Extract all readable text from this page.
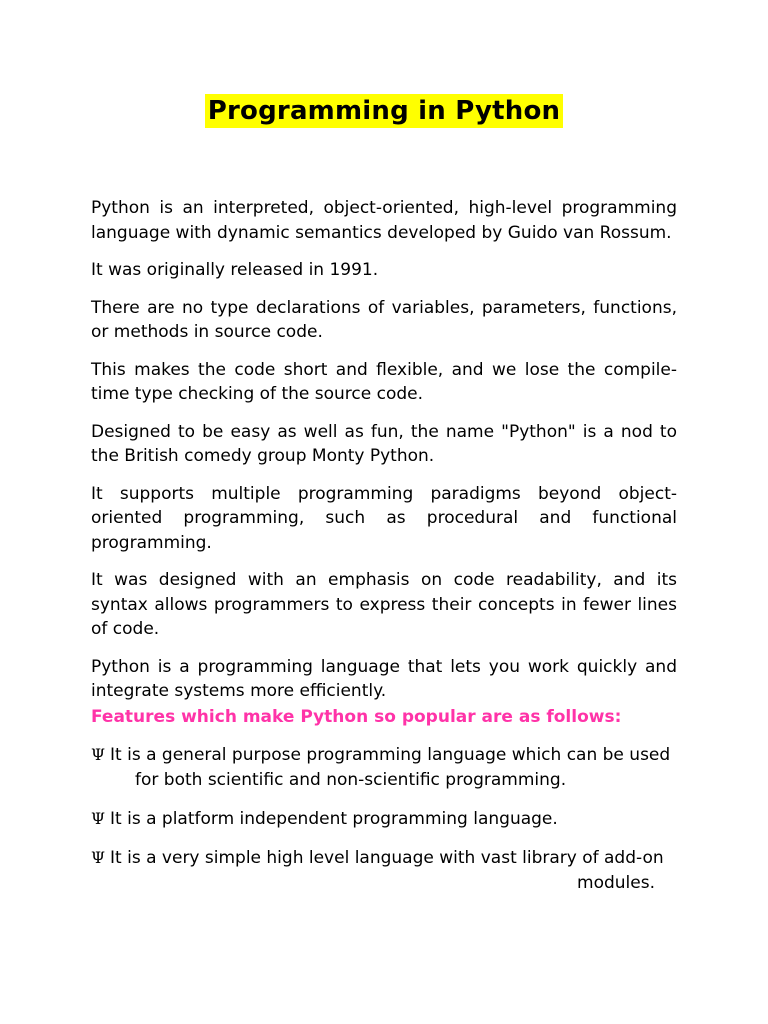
Programming in Python

Python is an interpreted, object-oriented, high-level programming language with dynamic semantics developed by Guido van Rossum.

It was originally released in 1991.

There are no type declarations of variables, parameters, functions, or methods in source code.

This makes the code short and flexible, and we lose the compile-time type checking of the source code.

Designed to be easy as well as fun, the name "Python" is a nod to the British comedy group Monty Python.

It supports multiple programming paradigms beyond object-oriented programming, such as procedural and functional programming.

It was designed with an emphasis on code readability, and its syntax allows programmers to express their concepts in fewer lines of code.

Python is a programming language that lets you work quickly and integrate systems more efficiently.

Features which make Python so popular are as follows:

Ψ It is a general purpose programming language which can be used
for both scientific and non-scientific programming.
Ψ It is a platform independent programming language.
Ψ It is a very simple high level language with vast library of add-on
modules.
